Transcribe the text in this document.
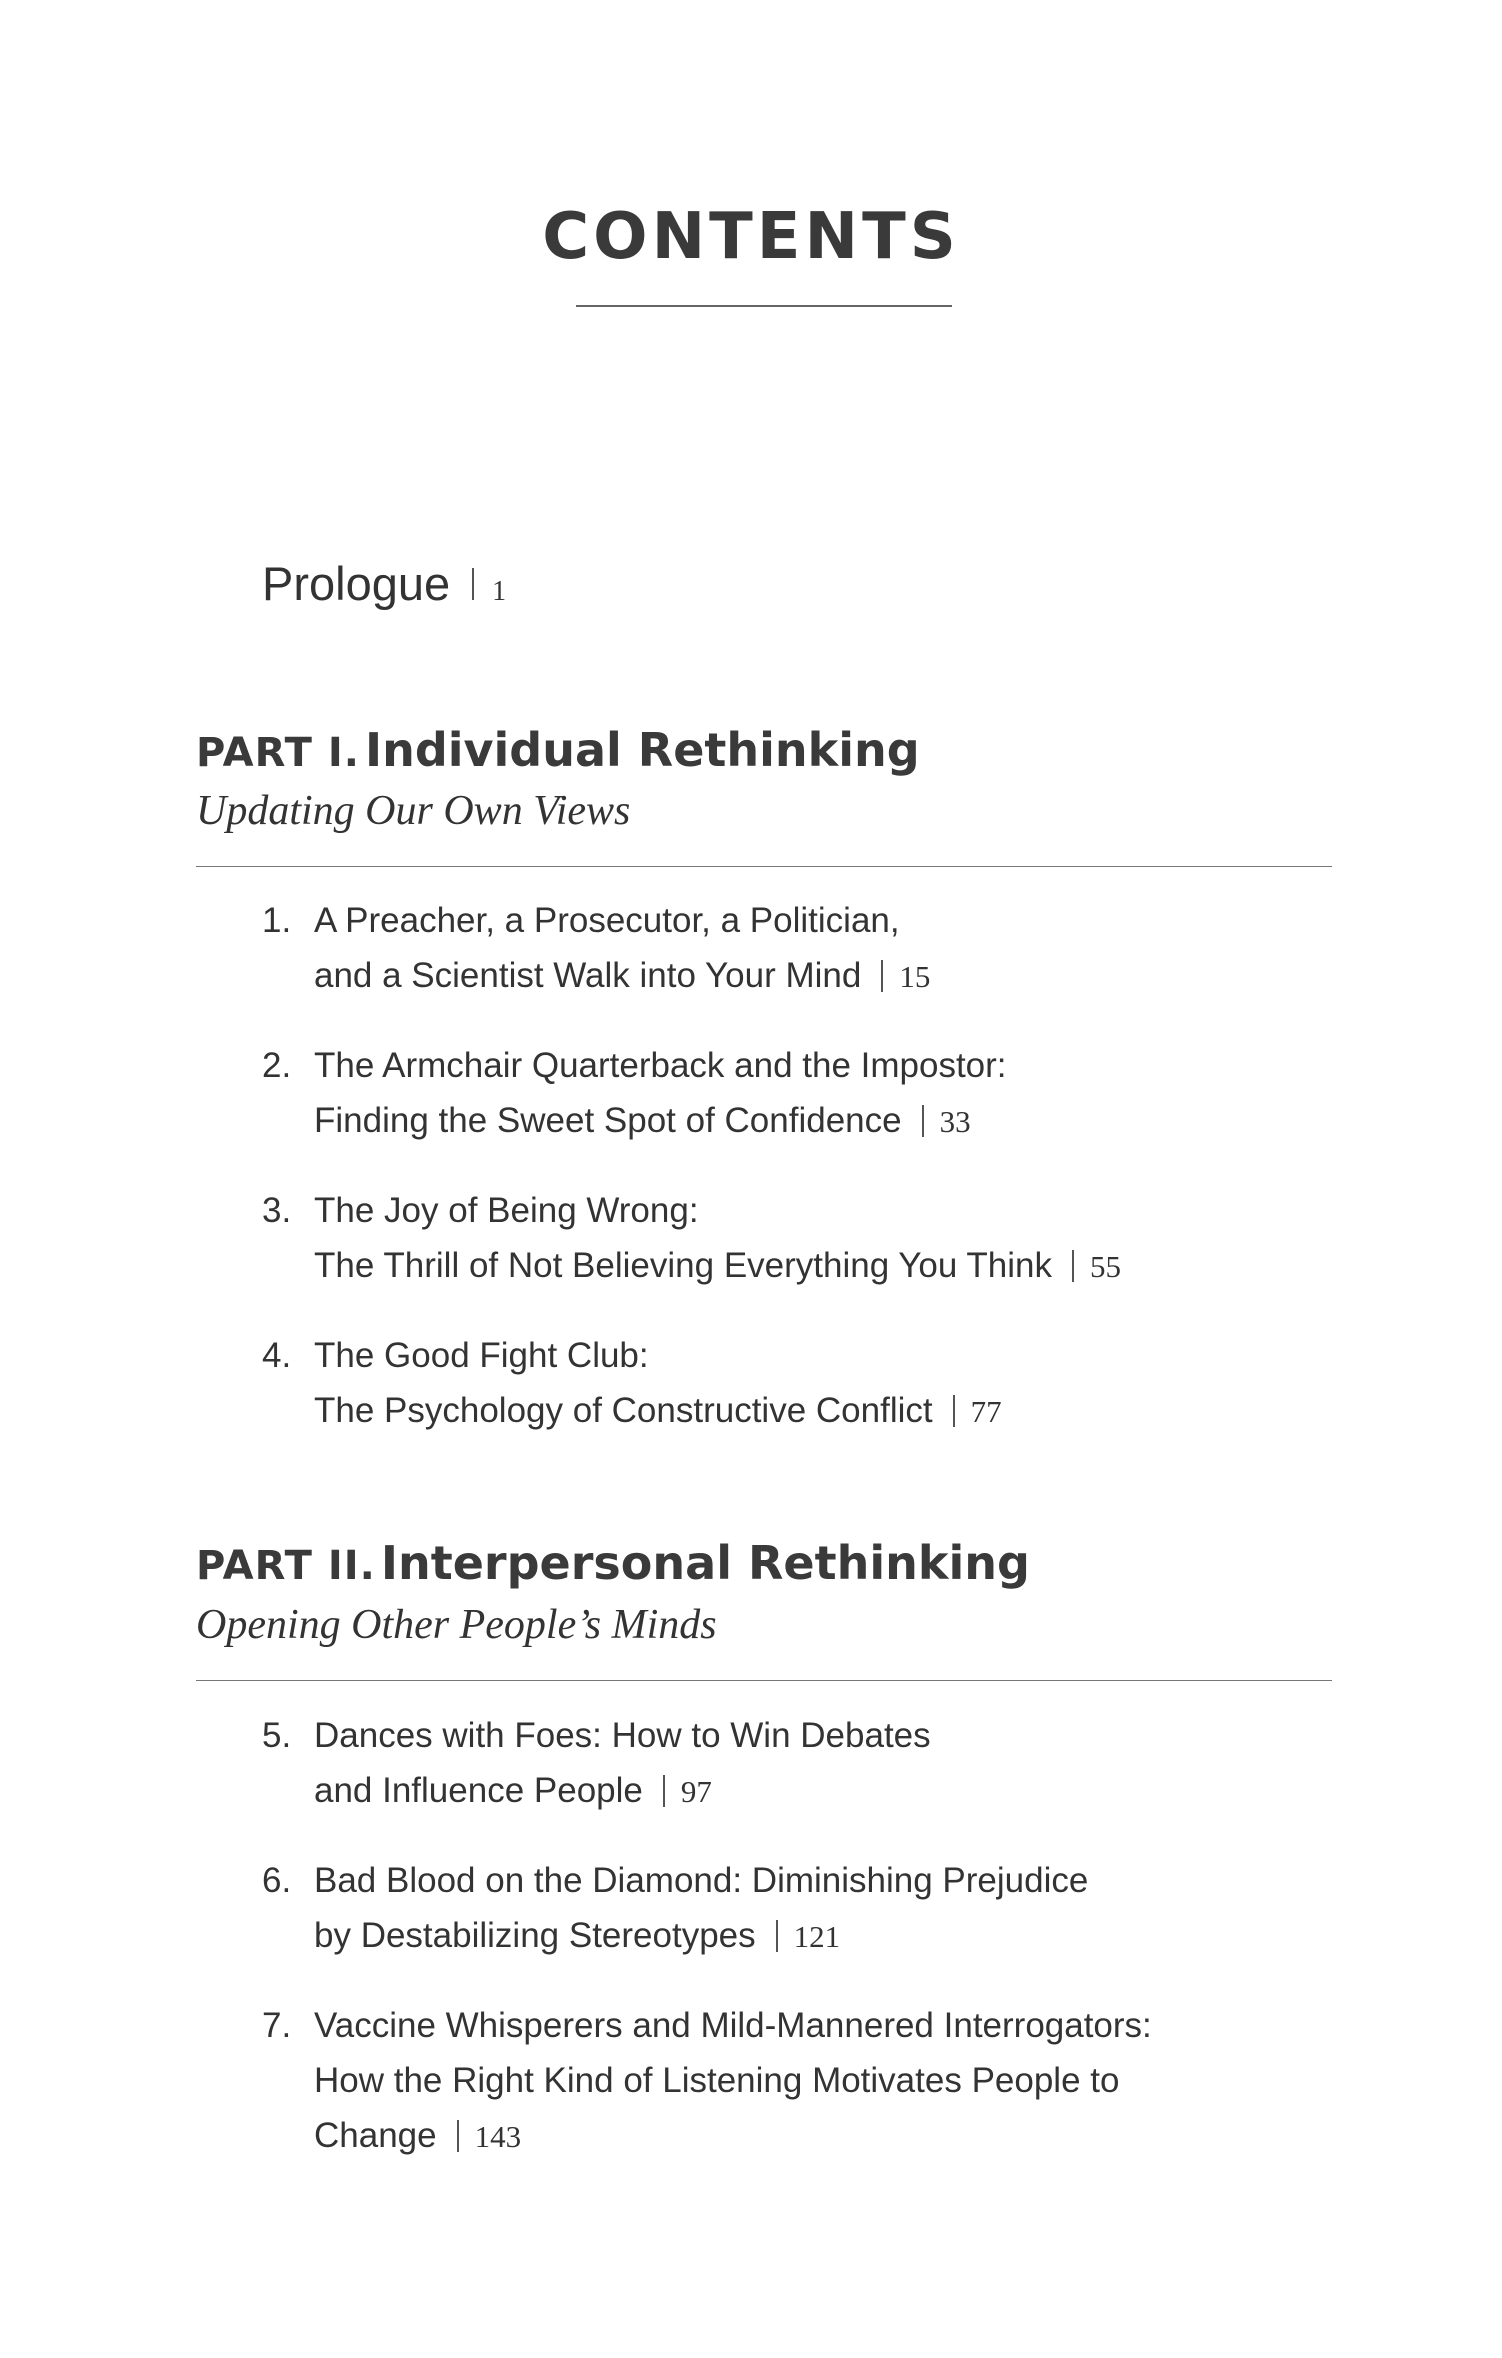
CONTENTS
Prologue 1
PART I. Individual Rethinking
Updating Our Own Views
1. A Preacher, a Prosecutor, a Politician,
and a Scientist Walk into Your Mind 15
2. The Armchair Quarterback and the Impostor:
Finding the Sweet Spot of Confidence 33
3. The Joy of Being Wrong:
The Thrill of Not Believing Everything You Think 55
4. The Good Fight Club:
The Psychology of Constructive Conflict 77
PART II. Interpersonal Rethinking
Opening Other People’s Minds
5. Dances with Foes: How to Win Debates
and Influence People 97
6. Bad Blood on the Diamond: Diminishing Prejudice
by Destabilizing Stereotypes 121
7. Vaccine Whisperers and Mild-Mannered Interrogators:
How the Right Kind of Listening Motivates People to
Change 143
